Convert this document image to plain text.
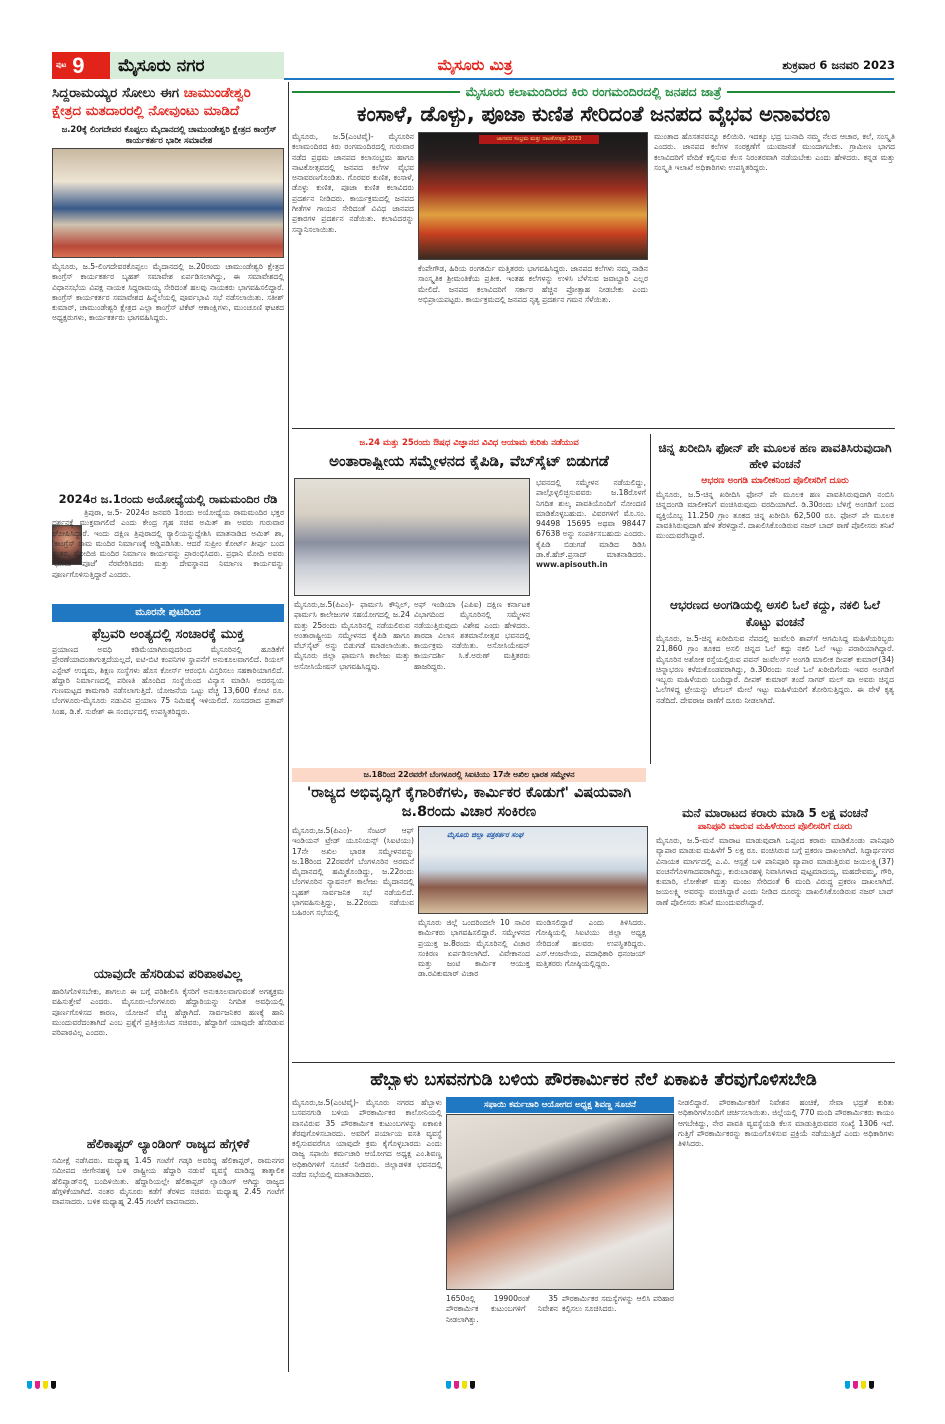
ಪುಟ 9 ಮೈಸೂರು ನಗರ	ಮೈಸೂರು ಮಿತ್ರ	ಶುಕ್ರವಾರ 6 ಜನವರಿ 2023
ಸಿದ್ದರಾಮಯ್ಯರ ಸೋಲು ಈಗ ಚಾಮುಂಡೇಶ್ವರಿ
ಕ್ಷೇತ್ರದ ಮತದಾರರಲ್ಲಿ ನೋವುಂಟು ಮಾಡಿದೆ
ಜ.20ಕ್ಕೆ ಲಿಂಗದೇವರ ಕೊಪ್ಪಲು ಮೈದಾನದಲ್ಲಿ ಚಾಮುಂಡೇಶ್ವರಿ ಕ್ಷೇತ್ರದ ಕಾಂಗ್ರೆಸ್ ಕಾರ್ಯಕರ್ತರ ಭಾರೀ ಸಮಾವೇಶ
ಮೈಸೂರು, ಜ.5-ಲಿಂಗದೇವರಕೊಪ್ಪಲು ಮೈದಾನದಲ್ಲಿ ಜ.20ರಂದು ಚಾಮುಂಡೇಶ್ವರಿ ಕ್ಷೇತ್ರದ ಕಾಂಗ್ರೆಸ್ ಕಾರ್ಯಕರ್ತರ ಬೃಹತ್ ಸಮಾವೇಶ ಏರ್ಪಡಿಸಲಾಗಿದ್ದು, ಈ ಸಮಾವೇಶದಲ್ಲಿ ವಿಧಾನಸಭೆಯ ವಿಪಕ್ಷ ನಾಯಕ ಸಿದ್ದರಾಮಯ್ಯ ಸೇರಿದಂತೆ ಹಲವು ನಾಯಕರು ಭಾಗವಹಿಸಲಿದ್ದಾರೆ. ಕಾಂಗ್ರೆಸ್ ಕಾರ್ಯಕರ್ತರ ಸಮಾವೇಶದ ಹಿನ್ನೆಲೆಯಲ್ಲಿ ಪೂರ್ವಭಾವಿ ಸಭೆ ನಡೆಸಲಾಯಿತು. ಸತೀಶ್ ಕುಮಾರ್, ಚಾಮುಂಡೇಶ್ವರಿ ಕ್ಷೇತ್ರದ ಎಲ್ಲಾ ಕಾಂಗ್ರೆಸ್ ಟಿಕೆಟ್ ಆಕಾಂಕ್ಷಿಗಳು, ಮುಂಚೂಣಿ ಘಟಕದ ಅಧ್ಯಕ್ಷರುಗಳು, ಕಾರ್ಯಕರ್ತರು ಭಾಗವಹಿಸಿದ್ದರು.
2024ರ ಜ.1ರಂದು ಅಯೋಧ್ಯೆಯಲ್ಲಿ ರಾಮಮಂದಿರ ರೆಡಿ
ತ್ರಿಪುರಾ, ಜ.5- 2024ರ ಜನವರಿ 1ರಂದು ಅಯೋಧ್ಯೆಯ ರಾಮಮಂದಿರ ಭಕ್ತರ ದರ್ಶನಕ್ಕೆ ಮುಕ್ತವಾಗಲಿದೆ ಎಂದು ಕೇಂದ್ರ ಗೃಹ ಸಚಿವ ಅಮಿತ್ ಶಾ ಅವರು ಗುರುವಾರ ಘೋಷಿಸಿದ್ದಾರೆ. ಇಂದು ದಕ್ಷಿಣ ತ್ರಿಪುರಾದಲ್ಲಿ ರ್‍ಯಾಲಿಯನ್ನುದ್ದೇಶಿಸಿ ಮಾತನಾಡಿದ ಅಮಿತ್ ಶಾ, 'ಕಾಂಗ್ರೆಸ್ ರಾಮ ಮಂದಿರ ನಿರ್ಮಾಣಕ್ಕೆ ಅಡ್ಡಿಪಡಿಸಿತು. ಆದರೆ ಸುಪ್ರೀಂ ಕೋರ್ಟ್ ತೀರ್ಪು ಬಂದ ನಂತರ, ಮೋದಿಜಿ ಮಂದಿರ ನಿರ್ಮಾಣ ಕಾರ್ಯವನ್ನು ಪ್ರಾರಂಭಿಸಿದರು. ಪ್ರಧಾನಿ ಮೋದಿ ಅವರು 'ಭೂಮಿ ಪೂಜೆ' ನೆರವೇರಿಸಿದರು ಮತ್ತು ದೇವಸ್ಥಾನದ ನಿರ್ಮಾಣ ಕಾರ್ಯವನ್ನು ಪೂರ್ಣಗೊಳಿಸುತ್ತಿದ್ದಾರೆ ಎಂದರು.
ಮೂರನೇ ಪುಟದಿಂದ
ಫೆಬ್ರವರಿ ಅಂತ್ಯದಲ್ಲಿ ಸಂಚಾರಕ್ಕೆ ಮುಕ್ತ
ಪ್ರಯಾಣದ ಅವಧಿ ಕಡಿಮೆಯಾಗಿರುವುದರಿಂದ ಮೈಸೂರಿನಲ್ಲಿ ಹೂಡಿಕೆಗೆ ಪ್ರೇರಣೆಯಾದಂತಾಗುತ್ತದೆಯಲ್ಲದೆ, ಐಟಿ-ಬಿಟಿ ಕಂಪನಿಗಳ ಸ್ಥಾಪನೆಗೆ ಅನುಕೂಲವಾಗಲಿದೆ. ರಿಯಲ್ ಎಸ್ಟೇಟ್ ಉದ್ಯಮ, ಶಿಕ್ಷಣ ಸಂಸ್ಥೆಗಳು ಹೊಸ ಕೋರ್ಸ್ ಆರಂಭಿಸಿ ವಿಸ್ತರಿಸಲು ಸಹಕಾರಿಯಾಗಲಿದೆ. ಹೆದ್ದಾರಿ ನಿರ್ಮಾಣದಲ್ಲಿ ಪರಿಣತಿ ಹೊಂದಿದ ಸಂಸ್ಥೆಯಿಂದ ವಿನ್ಯಾಸ ಮಾಡಿಸಿ ಅದರನ್ವಯ ಗುಣಮಟ್ಟದ ಕಾಮಗಾರಿ ನಡೆಸಲಾಗುತ್ತಿದೆ. ಯೋಜನೆಯ ಒಟ್ಟು ವೆಚ್ಚ 13,600 ಕೋಟಿ ರೂ. ಬೆಂಗಳೂರು-ಮೈಸೂರು ನಡುವಿನ ಪ್ರಯಾಣ 75 ನಿಮಿಷಕ್ಕೆ ಇಳಿಯಲಿದೆ. ಸಂಸದರಾದ ಪ್ರತಾಪ್ ಸಿಂಹ, ಡಿ.ಕೆ. ಸುರೇಶ್ ಈ ಸಂದರ್ಭದಲ್ಲಿ ಉಪಸ್ಥಿತರಿದ್ದರು.
ಯಾವುದೇ ಹೆಸರಿಡುವ ಪರಿಪಾಠವಿಲ್ಲ
ಹಾರಿಸಿಗೊಳಿಸಬೇಕು, ಶಾಗಲೂ ಈ ಬಗ್ಗೆ ಪರಿಶೀಲಿಸಿ ಕೈಸರಿಗೆ ಅನುಕೂಲವಾಗುವಂತೆ ಅಗತ್ಯಕ್ರಮ ವಹಿಸುತ್ತೇವೆ ಎಂದರು. ಮೈಸೂರು-ಬೆಂಗಳೂರು ಹೆದ್ದಾರಿಯನ್ನು ನಿಗದಿತ ಅವಧಿಯಲ್ಲಿ ಪೂರ್ಣಗೊಳಿಸದ ಕಾರಣ, ಯೋಜನೆ ವೆಚ್ಚ ಹೆಚ್ಚಾಗಿದೆ. ಸಾರ್ವಜನಿಕರ ಹಣಕ್ಕೆ ಹಾನಿ ಮುಂದುವರೆದಂತಾಗಿದೆ ಎಂಬ ಪ್ರಶ್ನೆಗೆ ಪ್ರತಿಕ್ರಿಯಿಸಿದ ಸಚಿವರು, ಹೆದ್ದಾರಿಗೆ ಯಾವುದೇ ಹೆಸರಿಡುವ ಪರಿಪಾಠವಿಲ್ಲ ಎಂದರು.
ಹೆಲಿಕಾಪ್ಟರ್ ಲ್ಯಾಂಡಿಂಗ್ ರಾಜ್ಯದ ಹೆಗ್ಗಳಿಕೆ
ಸಮೀಕ್ಷೆ ನಡೆಸಿದರು. ಮಧ್ಯಾಹ್ನ 1.45 ಗಂಟೆಗೆ ಗಡ್ಕರಿ ಅವರಿದ್ದ ಹೆಲಿಕಾಪ್ಟರ್, ರಾಮನಗರ ಸಮೀಪದ ಜೀಗೇನಹಳ್ಳಿ ಬಳಿ ರಾಷ್ಟ್ರೀಯ ಹೆದ್ದಾರಿ ನಡುವೆ ವ್ಯವಸ್ಥೆ ಮಾಡಿದ್ದ ತಾತ್ಕಾಲಿಕ ಹೆಲಿಪ್ಯಾಡ್‌ನಲ್ಲಿ ಬಂದಿಳಿಯಿತು. ಹೆದ್ದಾರಿಯಲ್ಲೇ ಹೆಲಿಕಾಪ್ಟರ್ ಲ್ಯಾಂಡಿಂಗ್ ಆಗಿದ್ದು ರಾಜ್ಯದ ಹೆಗ್ಗಳಿಕೆಯಾಗಿದೆ. ನಂತರ ಮೈಸೂರು ಕಡೆಗೆ ತೆರಳಿದ ಸಚಿವರು ಮಧ್ಯಾಹ್ನ 2.45 ಗಂಟೆಗೆ ವಾಪಸಾದರು. ಬಳಿಕ ಮಧ್ಯಾಹ್ನ 2.45 ಗಂಟೆಗೆ ವಾಪಸಾದರು.
ಮೈಸೂರು ಕಲಾಮಂದಿರದ ಕಿರು ರಂಗಮಂದಿರದಲ್ಲಿ ಜನಪದ ಜಾತ್ರೆ
ಕಂಸಾಳೆ, ಡೊಳ್ಳು, ಪೂಜಾ ಕುಣಿತ ಸೇರಿದಂತೆ ಜನಪದ ವೈಭವ ಅನಾವರಣ
ಮೈಸೂರು, ಜ.5(ಎಂಟಿವೈ)- ಮೈಸೂರಿನ ಕಲಾಮಂದಿರದ ಕಿರು ರಂಗಮಂದಿರದಲ್ಲಿ ಗುರುವಾರ ನಡೆದ ಪ್ರಥಮ ಜಾನಪದ ಕಲಾಸಂಭ್ರಮ ಹಾಗೂ ನಾಟಕೋತ್ಸವದಲ್ಲಿ ಜನಪದ ಕಲೆಗಳ ವೈಭವ ಅನಾವರಣಗೊಂಡಿತು. ಗೊರವರ ಕುಣಿತ, ಕಂಸಾಳೆ, ಡೊಳ್ಳು ಕುಣಿತ, ಪೂಜಾ ಕುಣಿತ ಕಲಾವಿದರು ಪ್ರದರ್ಶನ ನೀಡಿದರು. ಕಾರ್ಯಕ್ರಮದಲ್ಲಿ ಜನಪದ ಗೀತೆಗಳ ಗಾಯನ ಸೇರಿದಂತೆ ವಿವಿಧ ಜಾನಪದ ಪ್ರಕಾರಗಳ ಪ್ರದರ್ಶನ ನಡೆಯಿತು. ಕಲಾವಿದರನ್ನು ಸನ್ಮಾನಿಸಲಾಯಿತು.
ಜಾನಪದ ಸಂಭ್ರಮ ಮತ್ತು ನಾಟಕೋತ್ಸವ 2023	ಮುಂತಾದ ಹೊಸತನವನ್ನೂ ಕಲಿಯಿರಿ. ಇದಕ್ಕೂ ಭದ್ರ ಬುನಾದಿ ನಮ್ಮ ನೆಲದ ಆಚಾರ, ಕಲೆ, ಸಂಸ್ಕೃತಿ ಎಂದರು. ಜಾನಪದ ಕಲೆಗಳ ಸಂರಕ್ಷಣೆಗೆ ಯುವಜನತೆ ಮುಂದಾಗಬೇಕು. ಗ್ರಾಮೀಣ ಭಾಗದ ಕಲಾವಿದರಿಗೆ ವೇದಿಕೆ ಕಲ್ಪಿಸುವ ಕೆಲಸ ನಿರಂತರವಾಗಿ ನಡೆಯಬೇಕು ಎಂದು ಹೇಳಿದರು. ಕನ್ನಡ ಮತ್ತು ಸಂಸ್ಕೃತಿ ಇಲಾಖೆ ಅಧಿಕಾರಿಗಳು ಉಪಸ್ಥಿತರಿದ್ದರು.
ಕೆಂಪೇಗೌಡ, ಹಿರಿಯ ರಂಗಕರ್ಮಿ ಮತ್ತಿತರರು ಭಾಗವಹಿಸಿದ್ದರು. ಜಾನಪದ ಕಲೆಗಳು ನಮ್ಮ ನಾಡಿನ ಸಾಂಸ್ಕೃತಿಕ ಶ್ರೀಮಂತಿಕೆಯ ಪ್ರತೀಕ. ಇಂತಹ ಕಲೆಗಳನ್ನು ಉಳಿಸಿ ಬೆಳೆಸುವ ಜವಾಬ್ದಾರಿ ಎಲ್ಲರ ಮೇಲಿದೆ. ಜನಪದ ಕಲಾವಿದರಿಗೆ ಸರ್ಕಾರ ಹೆಚ್ಚಿನ ಪ್ರೋತ್ಸಾಹ ನೀಡಬೇಕು ಎಂದು ಅಭಿಪ್ರಾಯಪಟ್ಟರು. ಕಾರ್ಯಕ್ರಮದಲ್ಲಿ ಜನಪದ ನೃತ್ಯ ಪ್ರದರ್ಶನ ಗಮನ ಸೆಳೆಯಿತು.
ಜ.24 ಮತ್ತು 25ರಂದು ಔಷಧ ವಿಜ್ಞಾನದ ವಿವಿಧ ಆಯಾಮ ಕುರಿತು ನಡೆಯುವ
ಅಂತಾರಾಷ್ಟ್ರೀಯ ಸಮ್ಮೇಳನದ ಕೈಪಿಡಿ, ವೆಬ್‌ಸೈಟ್ ಬಿಡುಗಡೆ
ಭವನದಲ್ಲಿ ಸಮ್ಮೇಳನ ನಡೆಯಲಿದ್ದು, ಪಾಲ್ಗೊಳ್ಳಲಿಚ್ಛಿಸುವವರು ಜ.18ರೊಳಗೆ ನಿಗದಿತ ಶುಲ್ಕ ಪಾವತಿಯೊಂದಿಗೆ ನೋಂದಣಿ ಮಾಡಿಕೊಳ್ಳಬಹುದು. ವಿವರಗಳಿಗೆ ಮೊ.ಸಂ. 94498 15695 ಅಥವಾ 98447 67638 ಅನ್ನು ಸಂಪರ್ಕಿಸಬಹುದು ಎಂದರು. ಕೈಪಿಡಿ ಬಿಡುಗಡೆ ಮಾಡಿದ ಡಿಡಿಸಿ ಡಾ.ಕೆ.ಹೆಚ್.ಪ್ರಸಾದ್ ಮಾತನಾಡಿದರು. www.apisouth.in
ಮೈಸೂರು,ಜ.5(ಪಿಎಂ)- ಫಾರ್ಮಸಿ ಕೌನ್ಸಿಲ್, ಫಾರ್ಮಸಿ ಕಾಲೇಜುಗಳ ಸಹಯೋಗದಲ್ಲಿ ಜ.24 ಮತ್ತು 25ರಂದು ಮೈಸೂರಿನಲ್ಲಿ ನಡೆಯಲಿರುವ ಅಂತಾರಾಷ್ಟ್ರೀಯ ಸಮ್ಮೇಳನದ ಕೈಪಿಡಿ ಹಾಗೂ ವೆಬ್‌ಸೈಟ್ ಅನ್ನು ಬಿಡುಗಡೆ ಮಾಡಲಾಯಿತು. ಮೈಸೂರು ಜಿಲ್ಲಾ ಫಾರ್ಮಸಿ ಕಾಲೇಜು ಮತ್ತು ಅಸೋಸಿಯೇಷನ್ ಭಾಗವಹಿಸಿದ್ದವು.
ಅಫ್ ಇಂಡಿಯಾ (ಎಪಿಐ) ದಕ್ಷಿಣ ಕರ್ನಾಟಕ ವಿಭಾಗದಿಂದ ಮೈಸೂರಿನಲ್ಲಿ ಸಮ್ಮೇಳನ ನಡೆಯುತ್ತಿರುವುದು ವಿಶೇಷ ಎಂದು ಹೇಳಿದರು. ಶಾರದಾ ವಿಲಾಸ ಶತಮಾನೋತ್ಸವ ಭವನದಲ್ಲಿ ಕಾರ್ಯಕ್ರಮ ನಡೆಯಿತು. ಅಸೋಸಿಯೇಷನ್ ಕಾರ್ಯದರ್ಶಿ ಸಿ.ಕೆ.ಅರುಣ್ ಮತ್ತಿತರರು ಹಾಜರಿದ್ದರು.
ಜ.18ರಿಂದ 22ರವರೆಗೆ ಬೆಂಗಳೂರಲ್ಲಿ ಸಿಐಟಿಯು 17ನೇ ಅಖಿಲ ಭಾರತ ಸಮ್ಮೇಳನ
'ರಾಜ್ಯದ ಅಭಿವೃದ್ಧಿಗೆ ಕೈಗಾರಿಕೆಗಳು, ಕಾರ್ಮಿಕರ ಕೊಡುಗೆ' ವಿಷಯವಾಗಿ ಜ.8ರಂದು ವಿಚಾರ ಸಂಕಿರಣ
ಮೈಸೂರು,ಜ.5(ಪಿಎಂ)- ಸೆಂಟರ್ ಆಫ್ ಇಂಡಿಯನ್ ಟ್ರೇಡ್ ಯೂನಿಯನ್ಸ್ (ಸಿಐಟಿಯು) 17ನೇ ಅಖಿಲ ಭಾರತ ಸಮ್ಮೇಳನವನ್ನು ಜ.18ರಿಂದ 22ರವರೆಗೆ ಬೆಂಗಳೂರಿನ ಅರಮನೆ ಮೈದಾನದಲ್ಲಿ ಹಮ್ಮಿಕೊಂಡಿದ್ದು, ಜ.22ರಂದು ಬೆಂಗಳೂರಿನ ನ್ಯಾಷನಲ್ ಕಾಲೇಜು ಮೈದಾನದಲ್ಲಿ ಬೃಹತ್ ಸಾರ್ವಜನಿಕ ಸಭೆ ನಡೆಯಲಿದೆ. ಭಾಗವಹಿಸುತ್ತಿದ್ದು, ಜ.22ರಂದು ನಡೆಯುವ ಬಹಿರಂಗ ಸಭೆಯಲ್ಲಿ
ಮೈಸೂರು ಜಿಲ್ಲಾ ಪತ್ರಕರ್ತರ ಸಂಘ
ಮೈಸೂರು ಜಿಲ್ಲೆ ಒಂದರಿಂದಲೇ 10 ಸಾವಿರ ಕಾರ್ಮಿಕರು ಭಾಗವಹಿಸಲಿದ್ದಾರೆ. ಸಮ್ಮೇಳನದ ಪ್ರಯುಕ್ತ ಜ.8ರಂದು ಮೈಸೂರಿನಲ್ಲಿ ವಿಚಾರ ಸಂಕಿರಣ ಏರ್ಪಡಿಸಲಾಗಿದೆ. ವಿವೇಕಾನಂದ ಮತ್ತು ಜಂಟಿ ಕಾರ್ಮಿಕ ಆಯುಕ್ತ ಡಾ.ರವಿಕುಮಾರ್ ವಿಚಾರ
ಮಂಡಿಸಲಿದ್ದಾರೆ ಎಂದು ತಿಳಿಸಿದರು. ಗೋಷ್ಠಿಯಲ್ಲಿ ಸಿಐಟಿಯು ಜಿಲ್ಲಾ ಅಧ್ಯಕ್ಷ ಸೇರಿದಂತೆ ಹಲವರು ಉಪಸ್ಥಿತರಿದ್ದರು. ಎಸ್.ಆಂಜನೇಯ, ಪದಾಧಿಕಾರಿ ಧನಂಜಯ್ ಮತ್ತಿತರರು ಗೋಷ್ಠಿಯಲ್ಲಿದ್ದರು.
ಚಿನ್ನ ಖರೀದಿಸಿ ಫೋನ್ ಪೇ ಮೂಲಕ ಹಣ ಪಾವತಿಸಿರುವುದಾಗಿ ಹೇಳಿ ವಂಚನೆ
ಆಭರಣ ಅಂಗಡಿ ಮಾಲೀಕನಿಂದ ಪೊಲೀಸರಿಗೆ ದೂರು
ಮೈಸೂರು, ಜ.5-ಚಿನ್ನ ಖರೀದಿಸಿ ಫೋನ್ ಪೇ ಮೂಲಕ ಹಣ ಪಾವತಿಸಿರುವುದಾಗಿ ನಂಬಿಸಿ ಚಿನ್ನದಂಗಡಿ ಮಾಲೀಕನಿಗೆ ವಂಚಿಸಿರುವುದು ವರದಿಯಾಗಿದೆ. ಡಿ.30ರಂದು ಬೆಳಿಗ್ಗೆ ಅಂಗಡಿಗೆ ಬಂದ ವ್ಯಕ್ತಿಯೊಬ್ಬ 11.250 ಗ್ರಾಂ ತೂಕದ ಚಿನ್ನ ಖರೀದಿಸಿ 62,500 ರೂ. ಫೋನ್ ಪೇ ಮೂಲಕ ಪಾವತಿಸಿರುವುದಾಗಿ ಹೇಳಿ ತೆರಳಿದ್ದಾನೆ. ದಾಖಲಿಸಿಕೊಂಡಿರುವ ನಜರ್ ಬಾದ್ ಠಾಣೆ ಪೊಲೀಸರು ತನಿಖೆ ಮುಂದುವರೆಸಿದ್ದಾರೆ.
ಆಭರಣದ ಅಂಗಡಿಯಲ್ಲಿ ಅಸಲಿ ಓಲೆ ಕದ್ದು, ನಕಲಿ ಓಲೆ ಕೊಟ್ಟು ವಂಚನೆ
ಮೈಸೂರು, ಜ.5-ಚಿನ್ನ ಖರೀದಿಸುವ ನೆಪದಲ್ಲಿ ಜುವೆಲರಿ ಶಾಪ್‌ಗೆ ಆಗಮಿಸಿದ್ದ ಮಹಿಳೆಯರಿಬ್ಬರು 21,860 ಗ್ರಾಂ ತೂಕದ ಅಸಲಿ ಚಿನ್ನದ ಓಲೆ ಕದ್ದು ನಕಲಿ ಓಲೆ ಇಟ್ಟು ಪರಾರಿಯಾಗಿದ್ದಾರೆ. ಮೈಸೂರಿನ ಅಶೋಕ ರಸ್ತೆಯಲ್ಲಿರುವ ಪವನ್ ಜುವೆಲರ್ಸ್ ಅಂಗಡಿ ಮಾಲೀಕ ದೀಪಕ್ ಕುಮಾರ್(34) ಚಿನ್ನಾಭರಣ ಕಳೆದುಕೊಂಡವರಾಗಿದ್ದು, ಡಿ.30ರಂದು ಸಂಜೆ ಓಲೆ ಖರೀದಿಗೆಂದು ಇವರ ಅಂಗಡಿಗೆ ಇಬ್ಬರು ಮಹಿಳೆಯರು ಬಂದಿದ್ದಾರೆ. ದೀಪಕ್ ಕುಮಾರ್ ತಂದೆ ಸಾಗರ್ ಮಲ್ ಷಾ ಅವರು ಚಿನ್ನದ ಓಲೆಗಳಿದ್ದ ಟ್ರೇಯನ್ನು ಟೇಬಲ್ ಮೇಲೆ ಇಟ್ಟು ಮಹಿಳೆಯರಿಗೆ ತೋರಿಸುತ್ತಿದ್ದರು. ಈ ವೇಳೆ ಕೃತ್ಯ ನಡೆದಿದೆ. ದೇವರಾಜ ಠಾಣೆಗೆ ದೂರು ನೀಡಲಾಗಿದೆ.
ಮನೆ ಮಾರಾಟದ ಕರಾರು ಮಾಡಿ 5 ಲಕ್ಷ ವಂಚನೆ
ಪಾನಿಪೂರಿ ಮಾರುವ ಮಹಿಳೆಯಿಂದ ಪೊಲೀಸರಿಗೆ ದೂರು
ಮೈಸೂರು, ಜ.5-ಮನೆ ಮಾರಾಟ ಮಾಡುವುದಾಗಿ ಒಪ್ಪಂದ ಕರಾರು ಮಾಡಿಕೊಂಡು ಪಾನಿಪೂರಿ ವ್ಯಾಪಾರ ಮಾಡುವ ಮಹಿಳೆಗೆ 5 ಲಕ್ಷ ರೂ. ವಂಚಿಸಿರುವ ಬಗ್ಗೆ ಪ್ರಕರಣ ದಾಖಲಾಗಿದೆ. ಸಿದ್ದಾರ್ಥನಗರ ವಿನಾಯಕ ಮಾರ್ಗದಲ್ಲಿ ಎ.ವಿ. ಆಸ್ಪತ್ರೆ ಬಳಿ ಪಾನಿಪೂರಿ ವ್ಯಾಪಾರ ಮಾಡುತ್ತಿರುವ ಜಯಲಕ್ಷ್ಮಿ(37) ವಂಚನೆಗೊಳಗಾದವರಾಗಿದ್ದು, ಕುರುಬಾರಹಳ್ಳಿ ನಿವಾಸಿಗಳಾದ ಪುಟ್ಟಮಾದಯ್ಯ, ಮಹದೇವಮ್ಮ, ಗೌರಿ, ಕುಮಾರಿ, ಲೋಕೇಶ್ ಮತ್ತು ಮಂಜು ಸೇರಿದಂತೆ 6 ಮಂದಿ ವಿರುದ್ಧ ಪ್ರಕರಣ ದಾಖಲಾಗಿದೆ. ಜಯಲಕ್ಷ್ಮಿ ಅವರನ್ನು ವಂಚಿಸಿದ್ದಾರೆ ಎಂದು ನೀಡಿದ ದೂರನ್ನು ದಾಖಲಿಸಿಕೊಂಡಿರುವ ನಜರ್ ಬಾದ್ ಠಾಣೆ ಪೊಲೀಸರು ತನಿಖೆ ಮುಂದುವರೆಸಿದ್ದಾರೆ.
ಹೆಬ್ಬಾಳು ಬಸವನಗುಡಿ ಬಳಿಯ ಪೌರಕಾರ್ಮಿಕರ ನೆಲೆ ಏಕಾಏಕಿ ತೆರವುಗೊಳಿಸಬೇಡಿ
ಮೈಸೂರು,ಜ.5(ಎಂಟಿವೈ)- ಮೈಸೂರು ನಗರದ ಹೆಬ್ಬಾಳು ಬಸವನಗುಡಿ ಬಳಿಯ ಪೌರಕಾರ್ಮಿಕರ ಕಾಲೋನಿಯಲ್ಲಿ ವಾಸವಿರುವ 35 ಪೌರಕಾರ್ಮಿಕ ಕುಟುಂಬಗಳನ್ನು ಏಕಾಏಕಿ ತೆರವುಗೊಳಿಸಬಾರದು. ಅವರಿಗೆ ಪರ್ಯಾಯ ವಸತಿ ವ್ಯವಸ್ಥೆ ಕಲ್ಪಿಸುವವರೆಗೂ ಯಾವುದೇ ಕ್ರಮ ಕೈಗೊಳ್ಳಬಾರದು ಎಂದು ರಾಜ್ಯ ಸಫಾಯಿ ಕರ್ಮಚಾರಿ ಆಯೋಗದ ಅಧ್ಯಕ್ಷ ಎಂ.ಶಿವಣ್ಣ ಅಧಿಕಾರಿಗಳಿಗೆ ಸೂಚನೆ ನೀಡಿದರು. ಜಿಲ್ಲಾಡಳಿತ ಭವನದಲ್ಲಿ ನಡೆದ ಸಭೆಯಲ್ಲಿ ಮಾತನಾಡಿದರು.
ಸಫಾಯಿ ಕರ್ಮಚಾರಿ ಆಯೋಗದ ಅಧ್ಯಕ್ಷ ಶಿವಣ್ಣ ಸೂಚನೆ
1650ರಲ್ಲಿ 19900ರಂತೆ 35 ಪೌರಕಾರ್ಮಿಕ ಕುಟುಂಬಗಳಿಗೆ ನಿವೇಶನ ನೀಡಲಾಗಿತ್ತು.
ಪೌರಕಾರ್ಮಿಕರ ಸಮಸ್ಯೆಗಳನ್ನು ಆಲಿಸಿ ಪರಿಹಾರ ಕಲ್ಪಿಸಲು ಸೂಚಿಸಿದರು.
ನೀಡಲಿದ್ದಾರೆ. ಪೌರಕಾರ್ಮಿಕರಿಗೆ ನಿವೇಶನ ಹಂಚಿಕೆ, ಸೇವಾ ಭದ್ರತೆ ಕುರಿತು ಅಧಿಕಾರಿಗಳೊಂದಿಗೆ ಚರ್ಚಿಸಲಾಯಿತು. ಜಿಲ್ಲೆಯಲ್ಲಿ 770 ಮಂದಿ ಪೌರಕಾರ್ಮಿಕರು ಕಾಯಂ ಆಗಬೇಕಿದ್ದು, ನೇರ ಪಾವತಿ ವ್ಯವಸ್ಥೆಯಡಿ ಕೆಲಸ ಮಾಡುತ್ತಿರುವವರ ಸಂಖ್ಯೆ 1306 ಇದೆ. ಗುತ್ತಿಗೆ ಪೌರಕಾರ್ಮಿಕರನ್ನು ಕಾಯಂಗೊಳಿಸುವ ಪ್ರಕ್ರಿಯೆ ನಡೆಯುತ್ತಿದೆ ಎಂದು ಅಧಿಕಾರಿಗಳು ತಿಳಿಸಿದರು.
